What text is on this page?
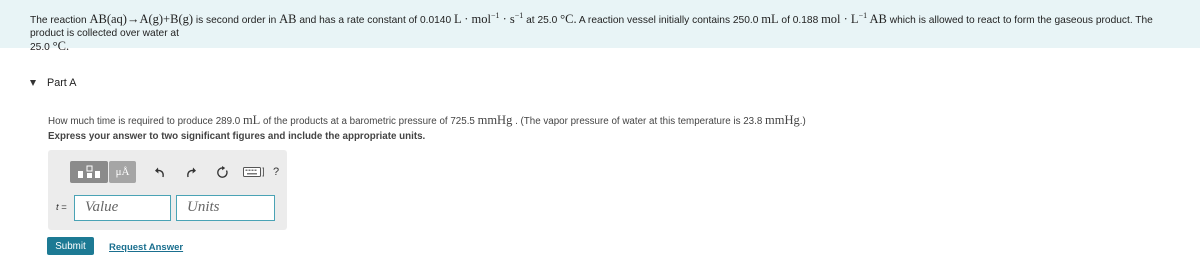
The reaction AB(aq)→A(g)+B(g) is second order in AB and has a rate constant of 0.0140 $L \cdot mol^{-1} \cdot s^{-1}$ at 25.0 °C. A reaction vessel initially contains 250.0 mL of 0.188 mol · $L^{-1}$ AB which is allowed to react to form the gaseous product. The product is collected over water at
25.0 °C.
Part A
How much time is required to produce 289.0 mL of the products at a barometric pressure of 725.5 mmHg . (The vapor pressure of water at this temperature is 23.8 mmHg.)
Express your answer to two significant figures and include the appropriate units.
μÅ	?
t =	Value	Units
Submit	Request Answer
